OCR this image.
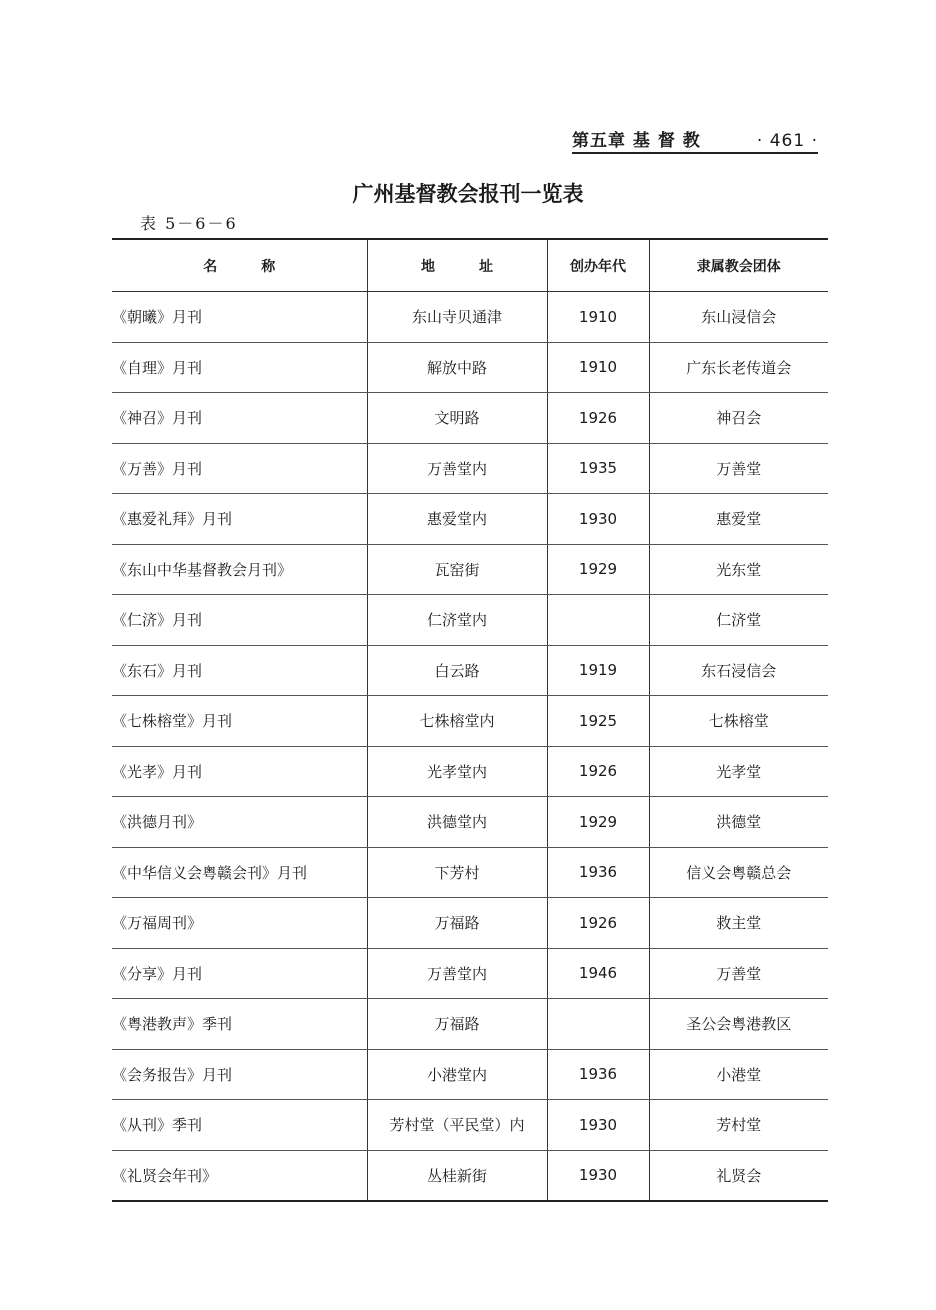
第五章 基 督 教	· 461 ·
广州基督教会报刊一览表
表 5－6－6
名称	地址	创办年代	隶属教会团体
《朝曦》月刊	东山寺贝通津	1910	东山浸信会
《自理》月刊	解放中路	1910	广东长老传道会
《神召》月刊	文明路	1926	神召会
《万善》月刊	万善堂内	1935	万善堂
《惠爱礼拜》月刊	惠爱堂内	1930	惠爱堂
《东山中华基督教会月刊》	瓦窑街	1929	光东堂
《仁济》月刊	仁济堂内		仁济堂
《东石》月刊	白云路	1919	东石浸信会
《七株榕堂》月刊	七株榕堂内	1925	七株榕堂
《光孝》月刊	光孝堂内	1926	光孝堂
《洪德月刊》	洪德堂内	1929	洪德堂
《中华信义会粤赣会刊》月刊	下芳村	1936	信义会粤赣总会
《万福周刊》	万福路	1926	救主堂
《分享》月刊	万善堂内	1946	万善堂
《粤港教声》季刊	万福路		圣公会粤港教区
《会务报告》月刊	小港堂内	1936	小港堂
《从刊》季刊	芳村堂（平民堂）内	1930	芳村堂
《礼贤会年刊》	丛桂新街	1930	礼贤会
